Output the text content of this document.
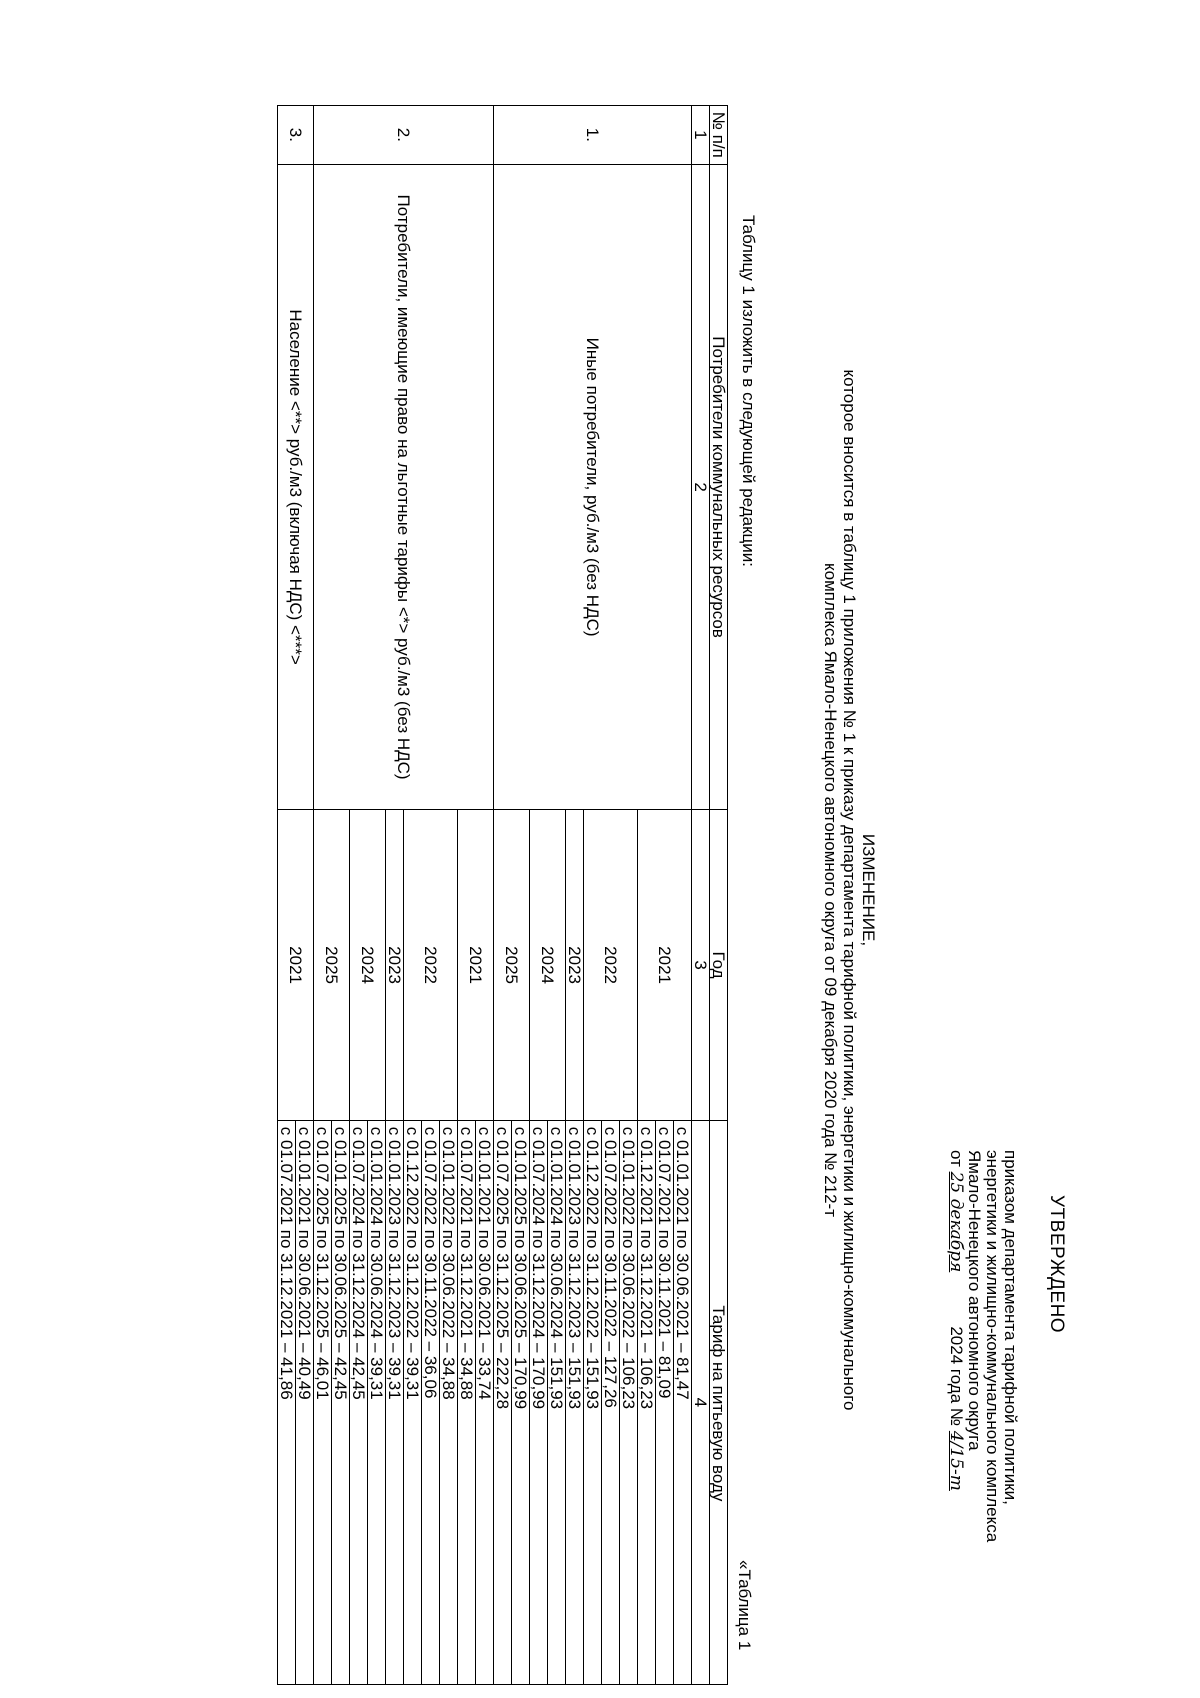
УТВЕРЖДЕНО
приказом департамента тарифной политики,
энергетики и жилищно-коммунального комплекса
Ямало-Ненецкого автономного округа
от 25 декабря 2024 года № 4/15-т
ИЗМЕНЕНИЕ,
которое вносится в таблицу 1 приложения № 1 к приказу департамента тарифной политики, энергетики и жилищно-коммунального
комплекса Ямало-Ненецкого автономного округа от 09 декабря 2020 года № 212-т
Таблицу 1 изложить в следующей редакции:
«Таблица 1
№ п/п	Потребители коммунальных ресурсов	Год	Тариф на питьевую воду
1	2	3	4
1.	Иные потребители, руб./м3 (без НДС)	2021	с 01.01.2021 по 30.06.2021 – 81,47
			с 01.07.2021 по 30.11.2021 – 81,09
			с 01.12.2021 по 31.12.2021 – 106,23
		2022	с 01.01.2022 по 30.06.2022 – 106,23
			с 01.07.2022 по 30.11.2022 – 127,26
			с 01.12.2022 по 31.12.2022 – 151,93
		2023	с 01.01.2023 по 31.12.2023 – 151,93
		2024	с 01.01.2024 по 30.06.2024 – 151,93
			с 01.07.2024 по 31.12.2024 – 170,99
		2025	с 01.01.2025 по 30.06.2025 – 170,99
			с 01.07.2025 по 31.12.2025 – 222,28
2.	Потребители, имеющие право на льготные тарифы <*> руб./м3 (без НДС)	2021	с 01.01.2021 по 30.06.2021 – 33,74
			с 01.07.2021 по 31.12.2021 – 34,88
		2022	с 01.01.2022 по 30.06.2022 – 34,88
			с 01.07.2022 по 30.11.2022 – 36,06
			с 01.12.2022 по 31.12.2022 – 39,31
		2023	с 01.01.2023 по 31.12.2023 – 39,31
		2024	с 01.01.2024 по 30.06.2024 – 39,31
			с 01.07.2024 по 31.12.2024 – 42,45
		2025	с 01.01.2025 по 30.06.2025 – 42,45
			с 01.07.2025 по 31.12.2025 – 46,01
3.	Население <**> руб./м3 (включая НДС) <***>	2021	с 01.01.2021 по 30.06.2021 – 40,49
			с 01.07.2021 по 31.12.2021 – 41,86
